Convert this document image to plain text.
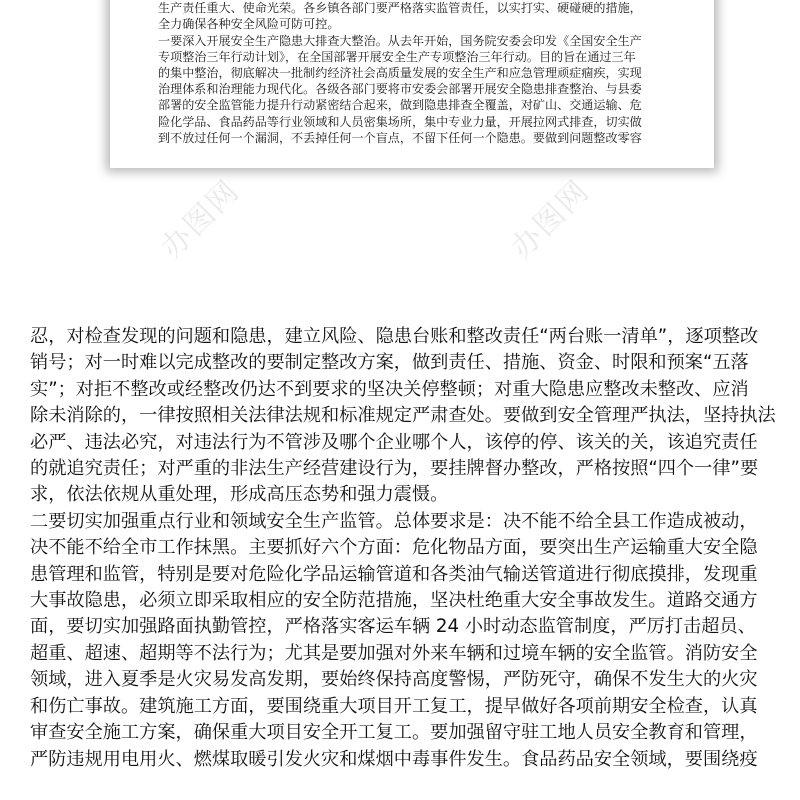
生产责任重大、使命光荣。各乡镇各部门要严格落实监管责任，以实打实、硬碰硬的措施，

全力确保各种安全风险可防可控。

一要深入开展安全生产隐患大排查大整治。从去年开始，国务院安委会印发《全国安全生产

专项整治三年行动计划》，在全国部署开展安全生产专项整治三年行动。目的旨在通过三年

的集中整治，彻底解决一批制约经济社会高质量发展的安全生产和应急管理顽症痼疾，实现

治理体系和治理能力现代化。各级各部门要将市安委会部署开展安全隐患排查整治、与县委

部署的安全监管能力提升行动紧密结合起来，做到隐患排查全覆盖，对矿山、交通运输、危

险化学品、食品药品等行业领域和人员密集场所，集中专业力量，开展拉网式排查，切实做

到不放过任何一个漏洞，不丢掉任何一个盲点，不留下任何一个隐患。要做到问题整改零容

办图网	办图网

忍，对检查发现的问题和隐患，建立风险、隐患台账和整改责任“两台账一清单”，逐项整改

销号；对一时难以完成整改的要制定整改方案，做到责任、措施、资金、时限和预案“五落

实”；对拒不整改或经整改仍达不到要求的坚决关停整顿；对重大隐患应整改未整改、应消

除未消除的，一律按照相关法律法规和标准规定严肃查处。要做到安全管理严执法，坚持执法

必严、违法必究，对违法行为不管涉及哪个企业哪个人，该停的停、该关的关，该追究责任

的就追究责任；对严重的非法生产经营建设行为，要挂牌督办整改，严格按照“四个一律”要

求，依法依规从重处理，形成高压态势和强力震慑。

二要切实加强重点行业和领域安全生产监管。总体要求是：决不能不给全县工作造成被动，

决不能不给全市工作抹黑。主要抓好六个方面：危化物品方面，要突出生产运输重大安全隐

患管理和监管，特别是要对危险化学品运输管道和各类油气输送管道进行彻底摸排，发现重

大事故隐患，必须立即采取相应的安全防范措施，坚决杜绝重大安全事故发生。道路交通方

面，要切实加强路面执勤管控，严格落实客运车辆 24 小时动态监管制度，严厉打击超员、

超重、超速、超期等不法行为；尤其是要加强对外来车辆和过境车辆的安全监管。消防安全

领域，进入夏季是火灾易发高发期，要始终保持高度警惕，严防死守，确保不发生大的火灾

和伤亡事故。建筑施工方面，要围绕重大项目开工复工，提早做好各项前期安全检查，认真

审查安全施工方案，确保重大项目安全开工复工。要加强留守驻工地人员安全教育和管理，

严防违规用电用火、燃煤取暖引发火灾和煤烟中毒事件发生。食品药品安全领域，要围绕疫
